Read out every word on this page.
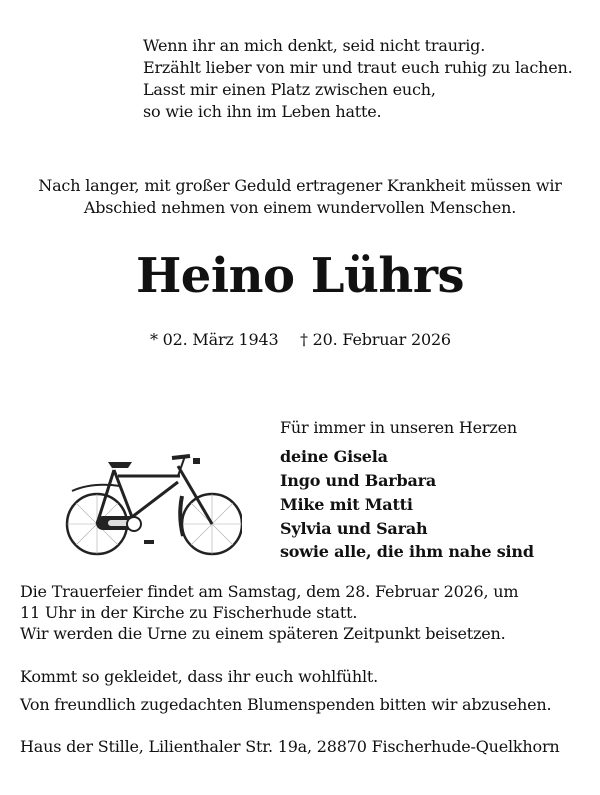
Wenn ihr an mich denkt, seid nicht traurig.
Erzählt lieber von mir und traut euch ruhig zu lachen.
Lasst mir einen Platz zwischen euch,
so wie ich ihn im Leben hatte.
Nach langer, mit großer Geduld ertragener Krankheit müssen wir
Abschied nehmen von einem wundervollen Menschen.
Heino Lührs
* 02. März 1943 † 20. Februar 2026
Für immer in unseren Herzen
deine Gisela
Ingo und Barbara
Mike mit Matti
Sylvia und Sarah
sowie alle, die ihm nahe sind
Die Trauerfeier findet am Samstag, dem 28. Februar 2026, um
11 Uhr in der Kirche zu Fischerhude statt.
Wir werden die Urne zu einem späteren Zeitpunkt beisetzen.
Kommt so gekleidet, dass ihr euch wohlfühlt.
Von freundlich zugedachten Blumenspenden bitten wir abzusehen.
Haus der Stille, Lilienthaler Str. 19a, 28870 Fischerhude-Quelkhorn
